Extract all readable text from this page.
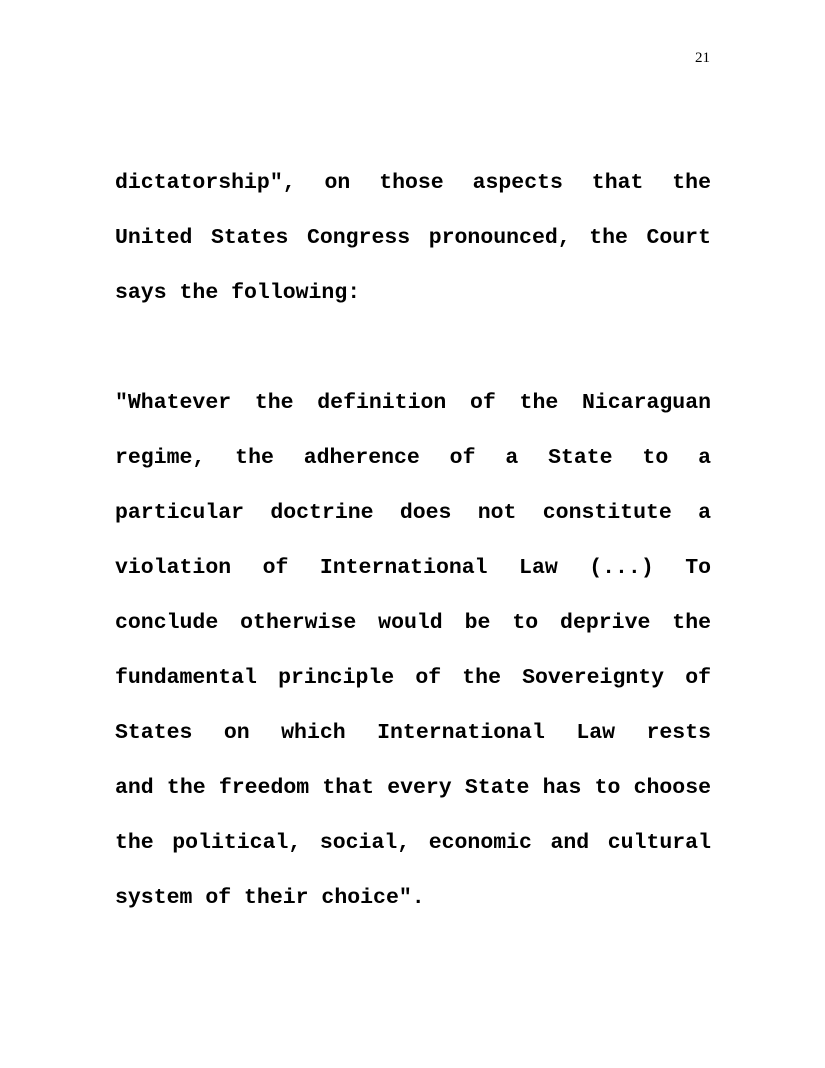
21
dictatorship", on those aspects that the
United States Congress pronounced, the Court
says the following:
"Whatever the definition of the Nicaraguan
regime, the adherence of a State to a
particular doctrine does not constitute a
violation of International Law (...) To
conclude otherwise would be to deprive the
fundamental principle of the Sovereignty of
States on which International Law rests
and the freedom that every State has to choose
the political, social, economic and cultural
system of their choice".
